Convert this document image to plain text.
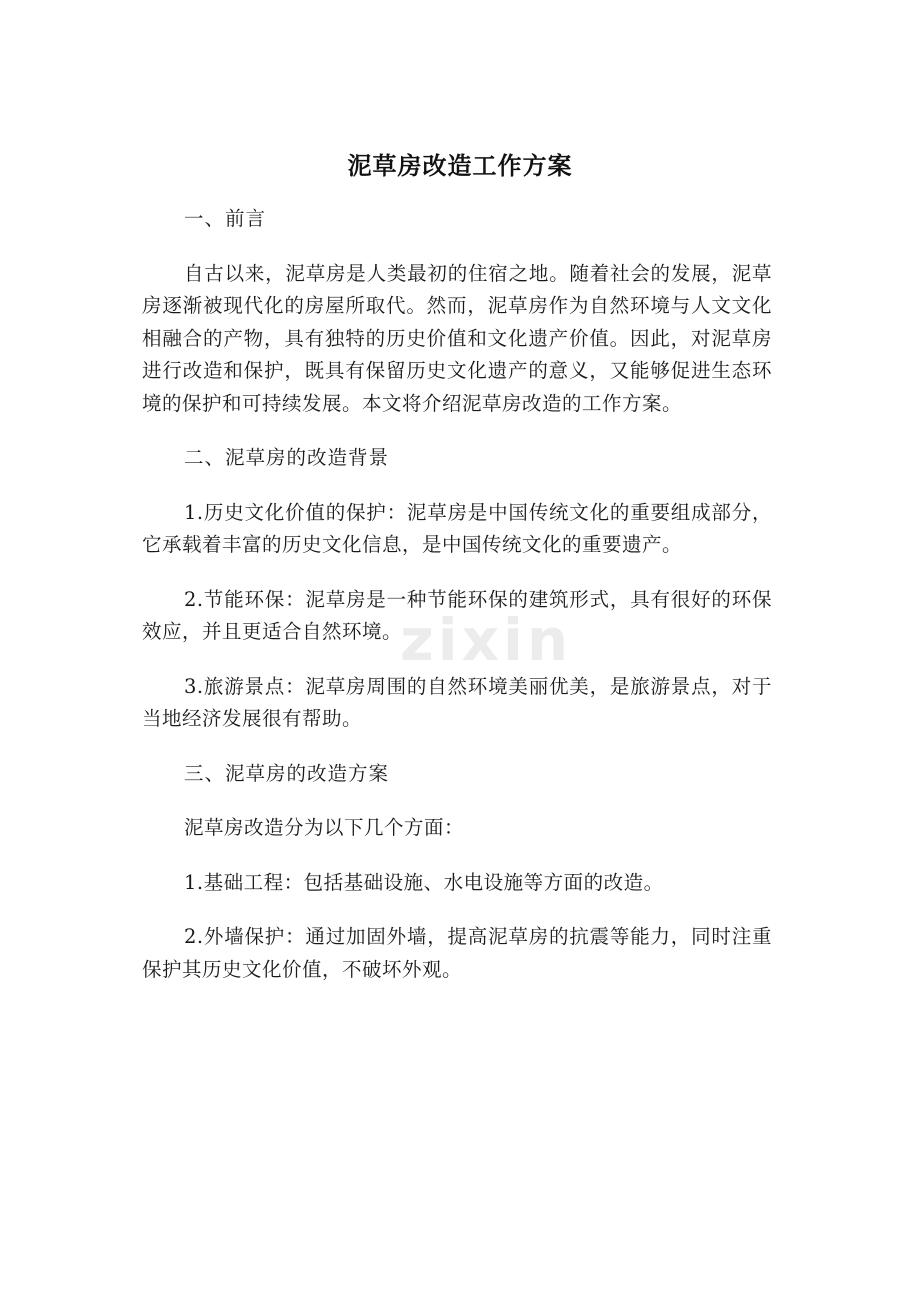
zixin
泥草房改造工作方案

一、前言

自古以来，泥草房是人类最初的住宿之地。随着社会的发展，泥草房逐渐被现代化的房屋所取代。然而，泥草房作为自然环境与人文文化相融合的产物，具有独特的历史价值和文化遗产价值。因此，对泥草房进行改造和保护，既具有保留历史文化遗产的意义，又能够促进生态环境的保护和可持续发展。本文将介绍泥草房改造的工作方案。

二、泥草房的改造背景

1.历史文化价值的保护：泥草房是中国传统文化的重要组成部分，它承载着丰富的历史文化信息，是中国传统文化的重要遗产。

2.节能环保：泥草房是一种节能环保的建筑形式，具有很好的环保效应，并且更适合自然环境。

3.旅游景点：泥草房周围的自然环境美丽优美，是旅游景点，对于当地经济发展很有帮助。

三、泥草房的改造方案

泥草房改造分为以下几个方面：

1.基础工程：包括基础设施、水电设施等方面的改造。

2.外墙保护：通过加固外墙，提高泥草房的抗震等能力，同时注重保护其历史文化价值，不破坏外观。
